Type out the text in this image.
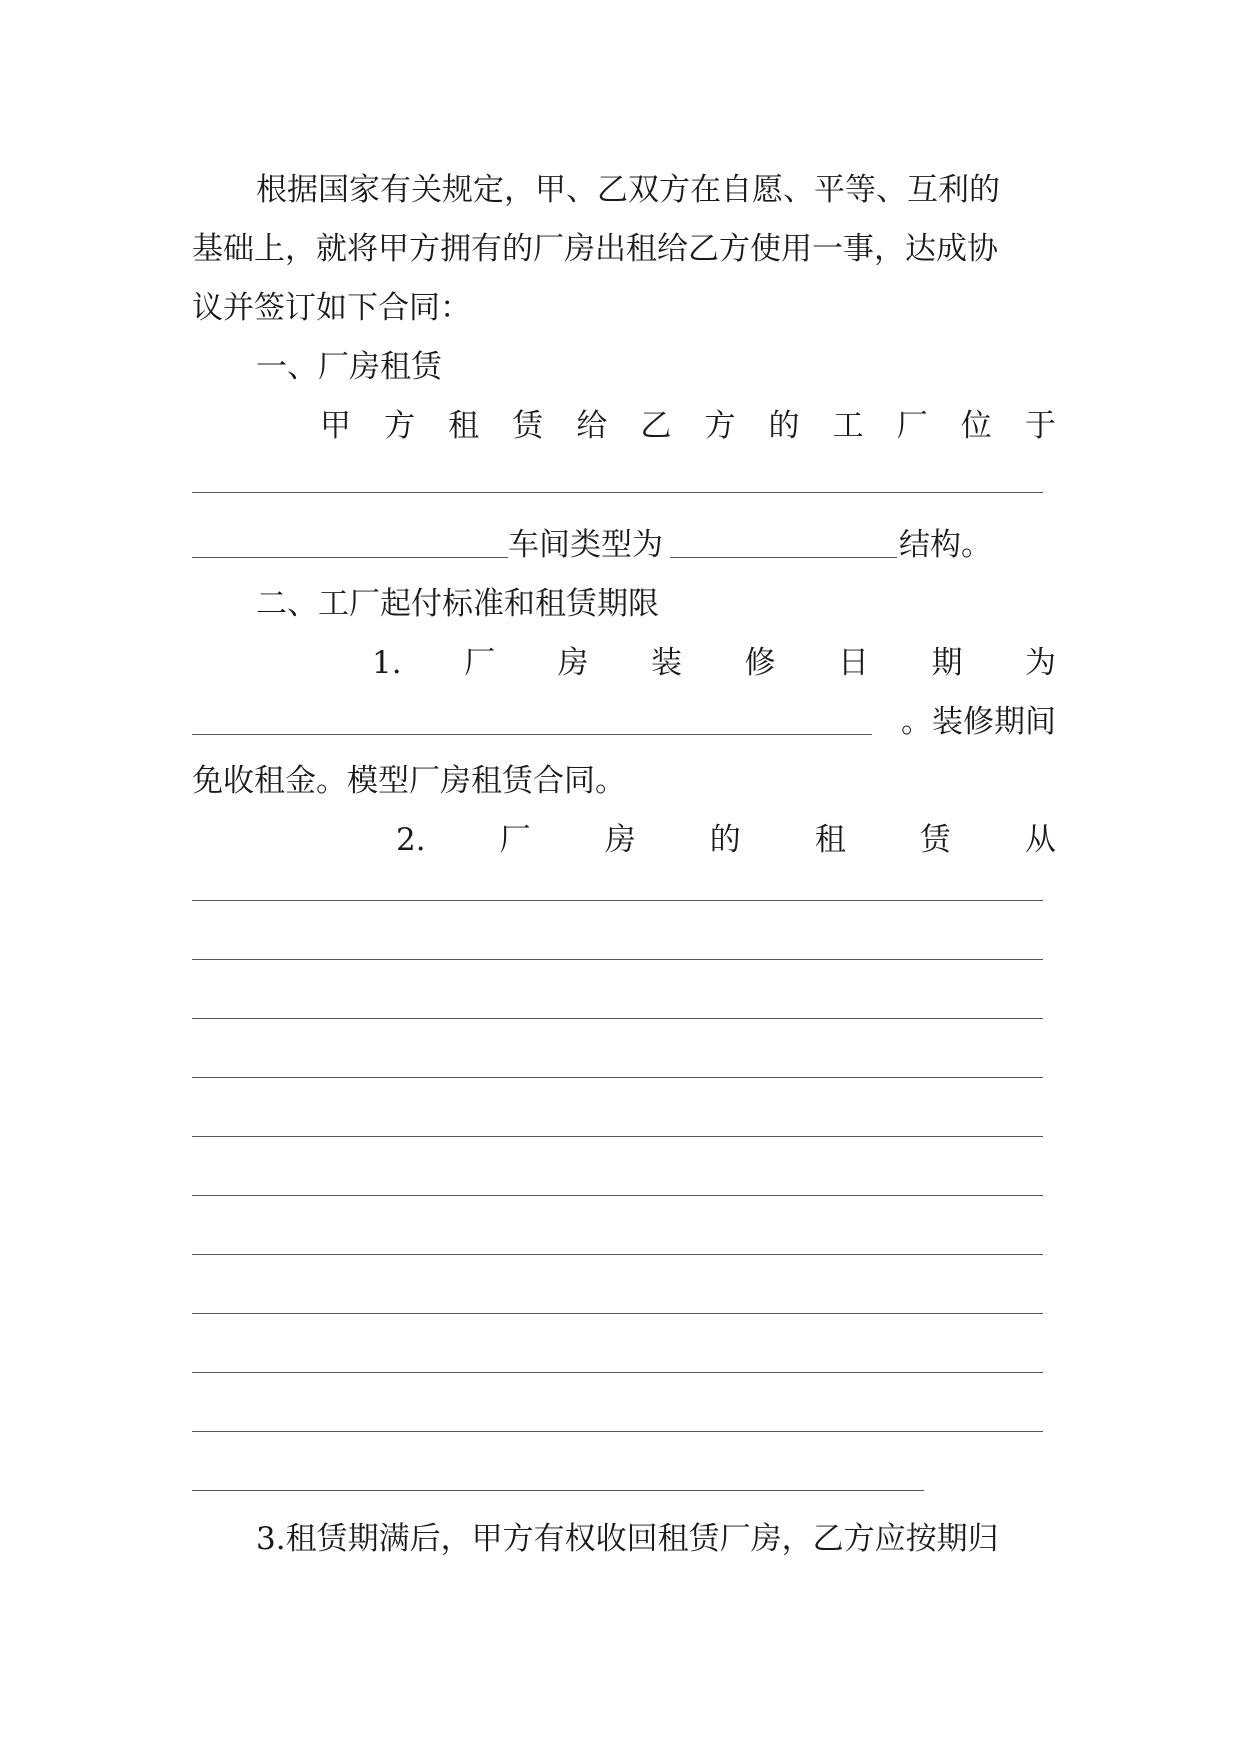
根据国家有关规定，甲、乙双方在自愿、平等、互利的
基础上，就将甲方拥有的厂房出租给乙方使用一事，达成协
议并签订如下合同：
一、厂房租赁
甲 方 租 赁 给 乙 方 的 工 厂 位 于
车间类型为	结构。
二、工厂起付标准和租赁期限
1. 厂 房 装 修 日 期 为
。装修期间
免收租金。模型厂房租赁合同。
2. 厂 房 的 租 赁 从
3.租赁期满后，甲方有权收回租赁厂房，乙方应按期归
